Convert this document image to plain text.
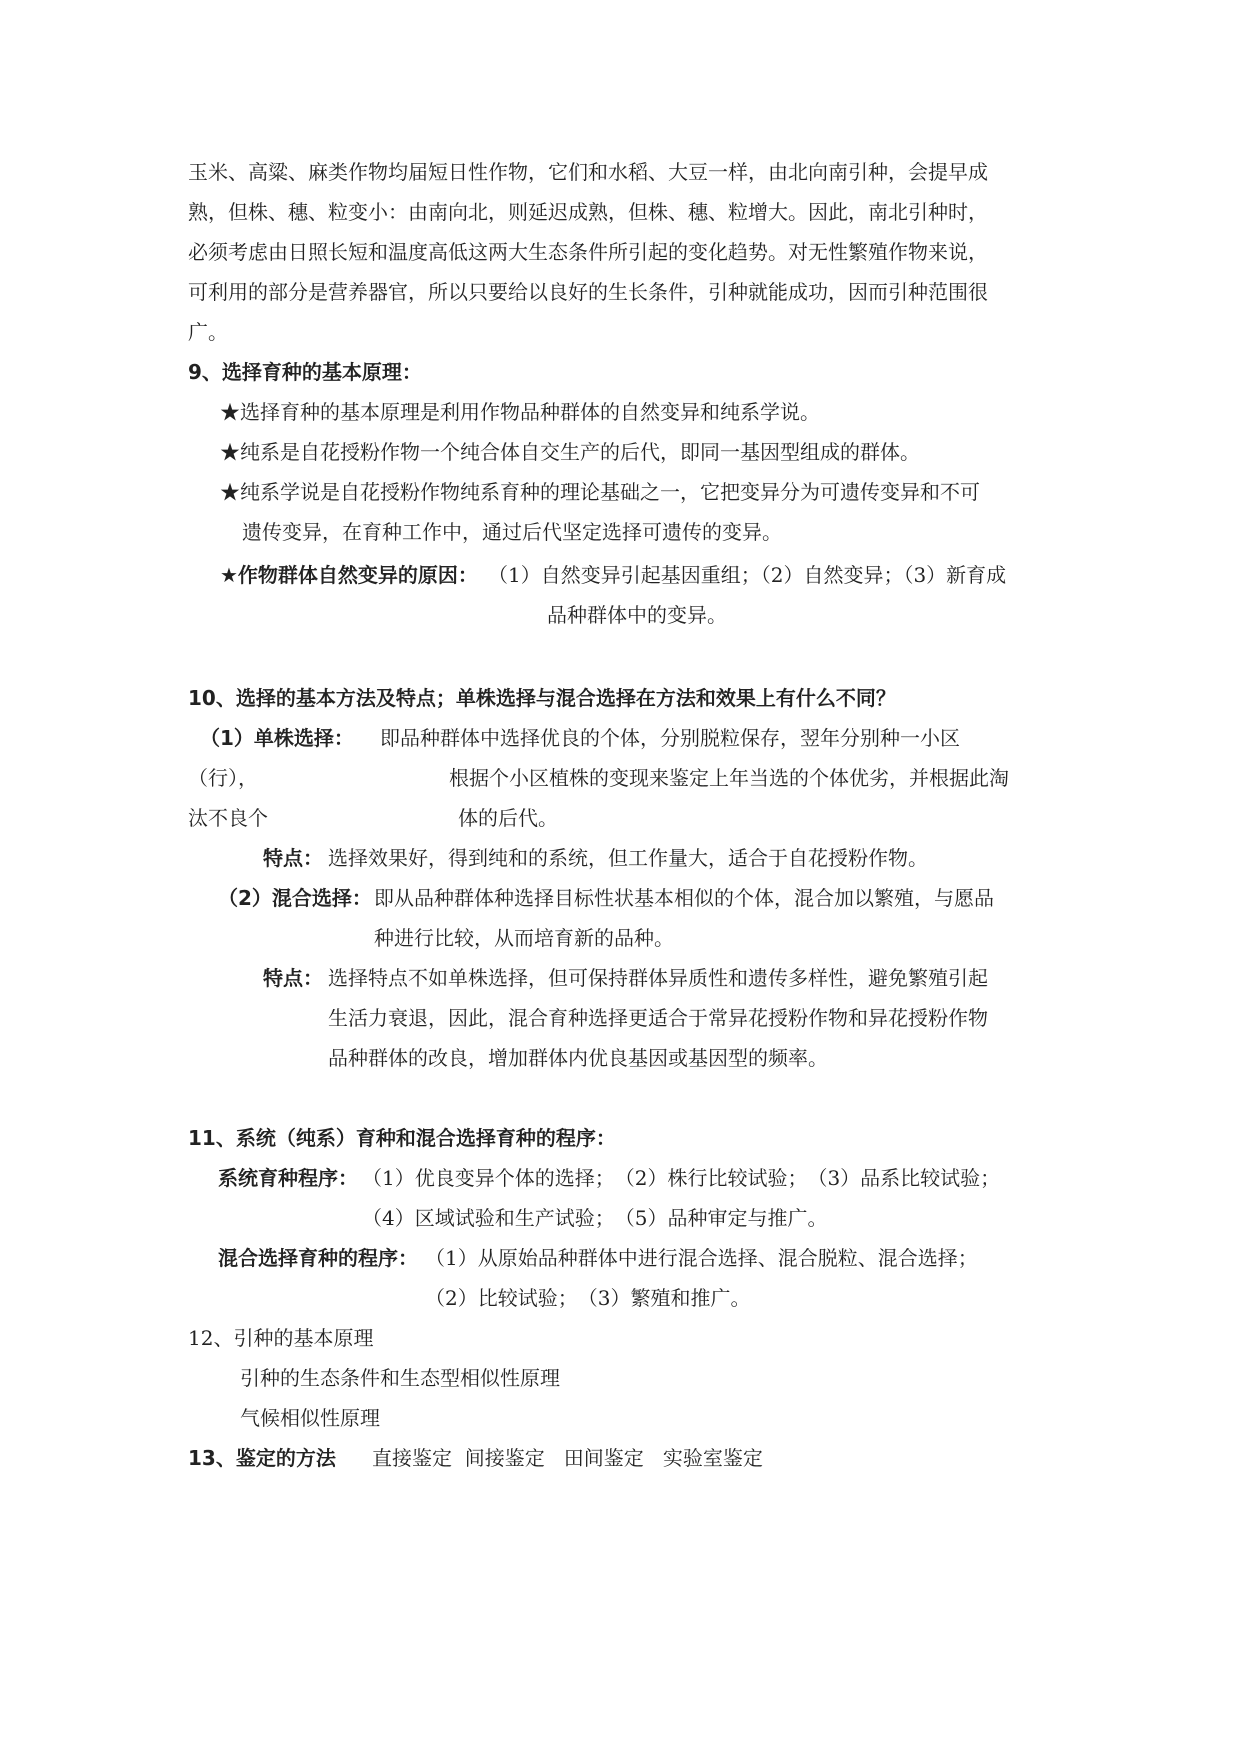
玉米、高粱、麻类作物均届短日性作物，它们和水稻、大豆一样，由北向南引种，会提早成
熟，但株、穗、粒变小：由南向北，则延迟成熟，但株、穗、粒增大。因此，南北引种时，
必须考虑由日照长短和温度高低这两大生态条件所引起的变化趋势。对无性繁殖作物来说，
可利用的部分是营养器官，所以只要给以良好的生长条件，引种就能成功，因而引种范围很
广。
9、选择育种的基本原理：
★选择育种的基本原理是利用作物品种群体的自然变异和纯系学说。
★纯系是自花授粉作物一个纯合体自交生产的后代，即同一基因型组成的群体。
★纯系学说是自花授粉作物纯系育种的理论基础之一，它把变异分为可遗传变异和不可
遗传变异，在育种工作中，通过后代坚定选择可遗传的变异。
★作物群体自然变异的原因： （1）自然变异引起基因重组；（2）自然变异；（3）新育成
品种群体中的变异。
10、选择的基本方法及特点；单株选择与混合选择在方法和效果上有什么不同？
（1）单株选择： 即品种群体中选择优良的个体，分别脱粒保存，翌年分别种一小区
（行），	根据个小区植株的变现来鉴定上年当选的个体优劣，并根据此淘
汰不良个	体的后代。
特点： 选择效果好，得到纯和的系统，但工作量大，适合于自花授粉作物。
（2）混合选择： 即从品种群体种选择目标性状基本相似的个体，混合加以繁殖，与愿品
种进行比较，从而培育新的品种。
特点： 选择特点不如单株选择，但可保持群体异质性和遗传多样性，避免繁殖引起
生活力衰退，因此，混合育种选择更适合于常异花授粉作物和异花授粉作物
品种群体的改良，增加群体内优良基因或基因型的频率。
11、系统（纯系）育种和混合选择育种的程序：
系统育种程序： （1）优良变异个体的选择；　（2）株行比较试验；　（3）品系比较试验；
（4）区域试验和生产试验；　（5）品种审定与推广。
混合选择育种的程序： （1）从原始品种群体中进行混合选择、混合脱粒、混合选择；
（2）比较试验；　（3）繁殖和推广。
12、引种的基本原理
引种的生态条件和生态型相似性原理
气候相似性原理
13、鉴定的方法 直接鉴定  间接鉴定   田间鉴定   实验室鉴定
